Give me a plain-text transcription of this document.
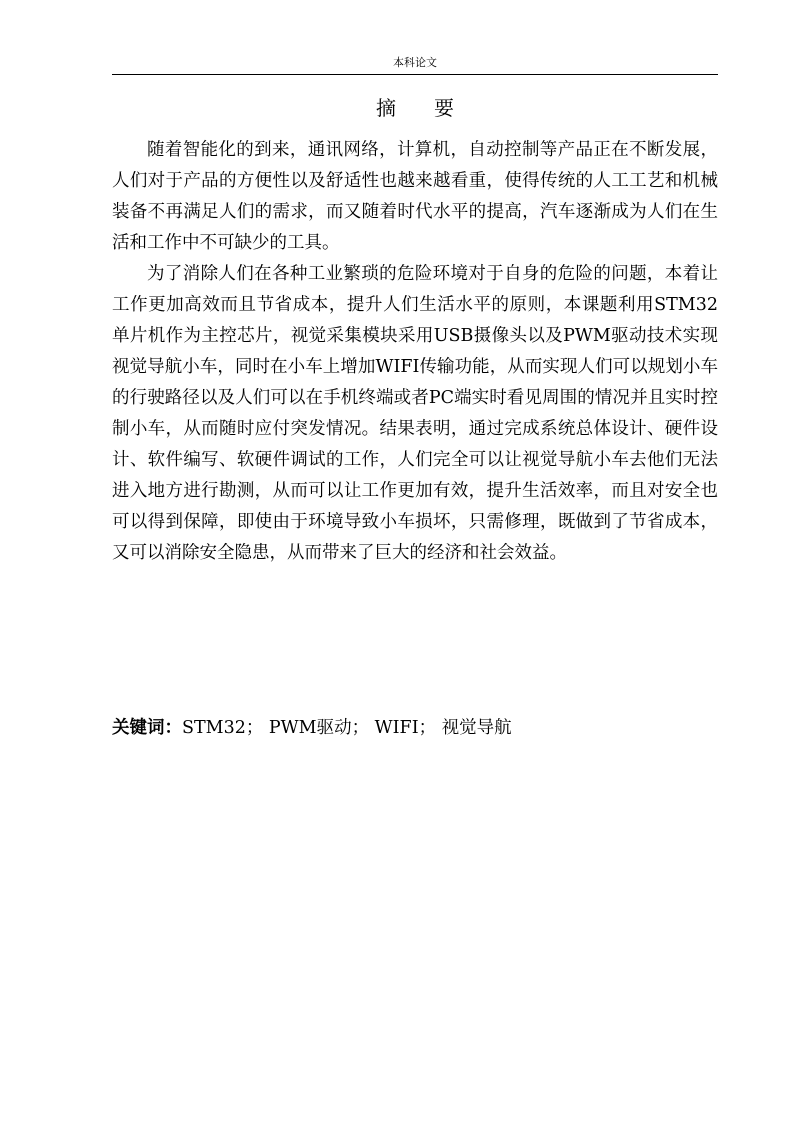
本科论文
摘要

随着智能化的到来，通讯网络，计算机，自动控制等产品正在不断发展，人们对于产品的方便性以及舒适性也越来越看重，使得传统的人工工艺和机械装备不再满足人们的需求，而又随着时代水平的提高，汽车逐渐成为人们在生活和工作中不可缺少的工具。

为了消除人们在各种工业繁琐的危险环境对于自身的危险的问题，本着让工作更加高效而且节省成本，提升人们生活水平的原则，本课题利用STM32单片机作为主控芯片，视觉采集模块采用USB摄像头以及PWM驱动技术实现视觉导航小车，同时在小车上增加WIFI传输功能，从而实现人们可以规划小车的行驶路径以及人们可以在手机终端或者PC端实时看见周围的情况并且实时控制小车，从而随时应付突发情况。结果表明，通过完成系统总体设计、硬件设计、软件编写、软硬件调试的工作，人们完全可以让视觉导航小车去他们无法进入地方进行勘测，从而可以让工作更加有效，提升生活效率，而且对安全也可以得到保障，即使由于环境导致小车损坏，只需修理，既做到了节省成本，又可以消除安全隐患，从而带来了巨大的经济和社会效益。

关键词：STM32； PWM驱动； WIFI； 视觉导航
